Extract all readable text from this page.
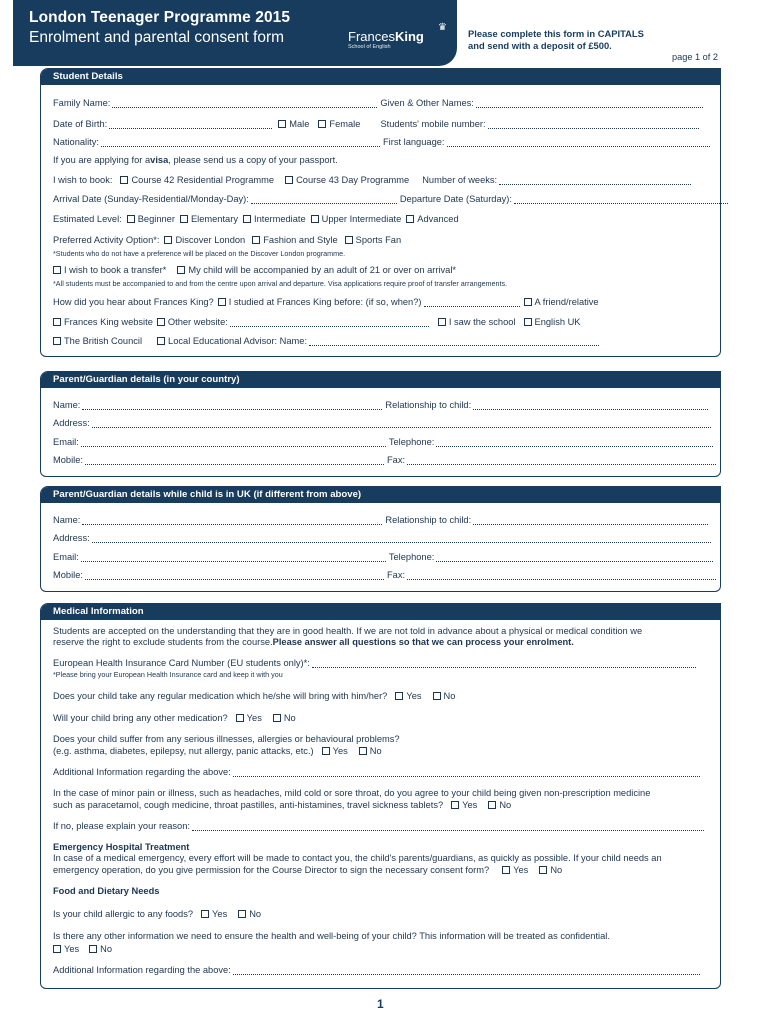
London Teenager Programme 2015
Enrolment and parental consent form	FrancesKing
School of English
♛
Please complete this form in CAPITALS
and send with a deposit of £500.
page 1 of 2
Student Details
Family Name:	Given & Other Names:
Date of Birth:	Male	Female Students' mobile number:
Nationality:	First language:
If you are applying for a visa , please send us a copy of your passport.
I wish to book:	Course 42 Residential Programme	Course 43 Day Programme Number of weeks:
Arrival Date (Sunday-Residential/Monday-Day):	Departure Date (Saturday):
Estimated Level:	Beginner	Elementary	Intermediate	Upper Intermediate	Advanced
Preferred Activity Option*:	Discover London	Fashion and Style	Sports Fan
*Students who do not have a preference will be placed on the Discover London programme.
I wish to book a transfer*	My child will be accompanied by an adult of 21 or over on arrival*
*All students must be accompanied to and from the centre upon arrival and departure. Visa applications require proof of transfer arrangements.
How did you hear about Frances King?	I studied at Frances King before: (if so, when?)	A friend/relative
Frances King website	Other website:	I saw the school	English UK
The British Council	Local Educational Advisor: Name:
Parent/Guardian details (in your country)
Name:	Relationship to child:
Address:
Email:	Telephone:
Mobile:	Fax:
Parent/Guardian details while child is in UK (if different from above)
Name:	Relationship to child:
Address:
Email:	Telephone:
Mobile:	Fax:
Medical Information
Students are accepted on the understanding that they are in good health. If we are not told in advance about a physical or medical condition we
reserve the right to exclude students from the course. Please answer all questions so that we can process your enrolment.
European Health Insurance Card Number (EU students only)*:
*Please bring your European Health Insurance card and keep it with you
Does your child take any regular medication which he/she will bring with him/her?	Yes	No
Will your child bring any other medication?	Yes	No
Does your child suffer from any serious illnesses, allergies or behavioural problems?
(e.g. asthma, diabetes, epilepsy, nut allergy, panic attacks, etc.)	Yes	No
Additional Information regarding the above:
In the case of minor pain or illness, such as headaches, mild cold or sore throat, do you agree to your child being given non-prescription medicine
such as paracetamol, cough medicine, throat pastilles, anti-histamines, travel sickness tablets?	Yes	No
If no, please explain your reason:
Emergency Hospital Treatment
In case of a medical emergency, every effort will be made to contact you, the child's parents/guardians, as quickly as possible. If your child needs an
emergency operation, do you give permission for the Course Director to sign the necessary consent form?	Yes	No
Food and Dietary Needs
Is your child allergic to any foods?	Yes	No
Is there any other information we need to ensure the health and well-being of your child? This information will be treated as confidential.
Yes	No
Additional Information regarding the above:
1
